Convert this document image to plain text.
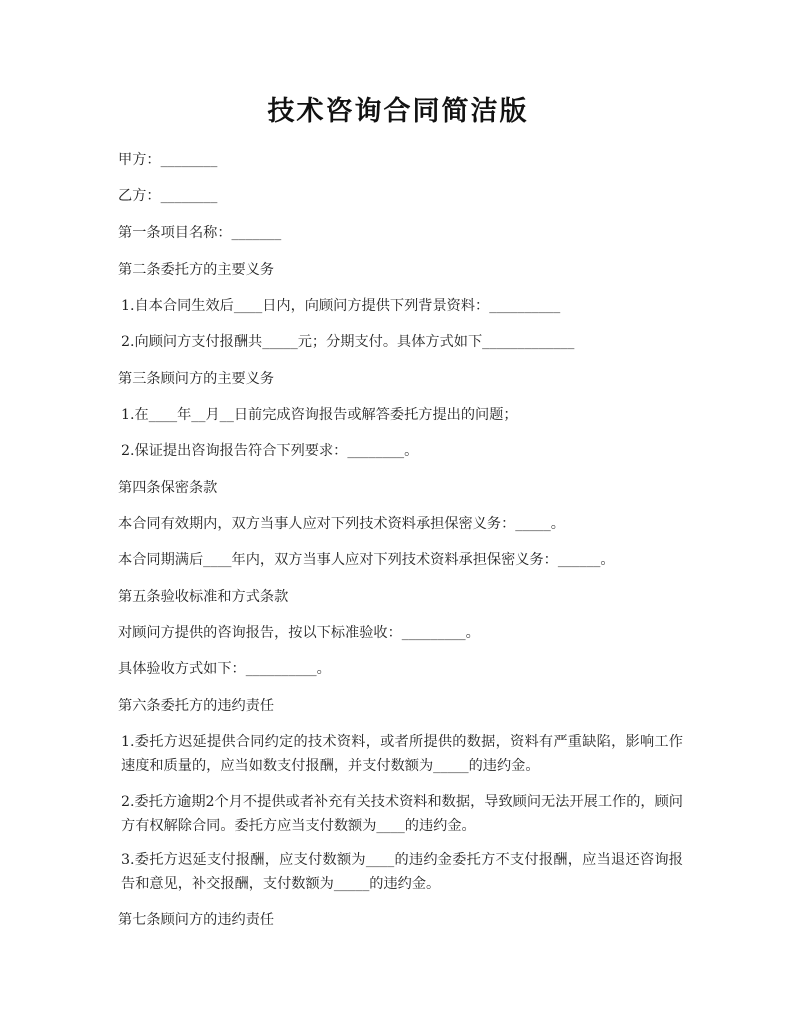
技术咨询合同简洁版
甲方：________
乙方：________
第一条项目名称：_______
第二条委托方的主要义务
1.自本合同生效后____日内，向顾问方提供下列背景资料：__________
2.向顾问方支付报酬共_____元；分期支付。具体方式如下_____________
第三条顾问方的主要义务
1.在____年__月__日前完成咨询报告或解答委托方提出的问题；
2.保证提出咨询报告符合下列要求：________。
第四条保密条款
本合同有效期内，双方当事人应对下列技术资料承担保密义务：_____。
本合同期满后____年内，双方当事人应对下列技术资料承担保密义务：______。
第五条验收标准和方式条款
对顾问方提供的咨询报告，按以下标准验收：_________。
具体验收方式如下：__________。
第六条委托方的违约责任
1.委托方迟延提供合同约定的技术资料，或者所提供的数据，资料有严重缺陷，影响工作速度和质量的，应当如数支付报酬，并支付数额为_____的违约金。
2.委托方逾期2个月不提供或者补充有关技术资料和数据，导致顾问无法开展工作的，顾问方有权解除合同。委托方应当支付数额为____的违约金。
3.委托方迟延支付报酬，应支付数额为____的违约金委托方不支付报酬，应当退还咨询报告和意见，补交报酬，支付数额为_____的违约金。
第七条顾问方的违约责任
